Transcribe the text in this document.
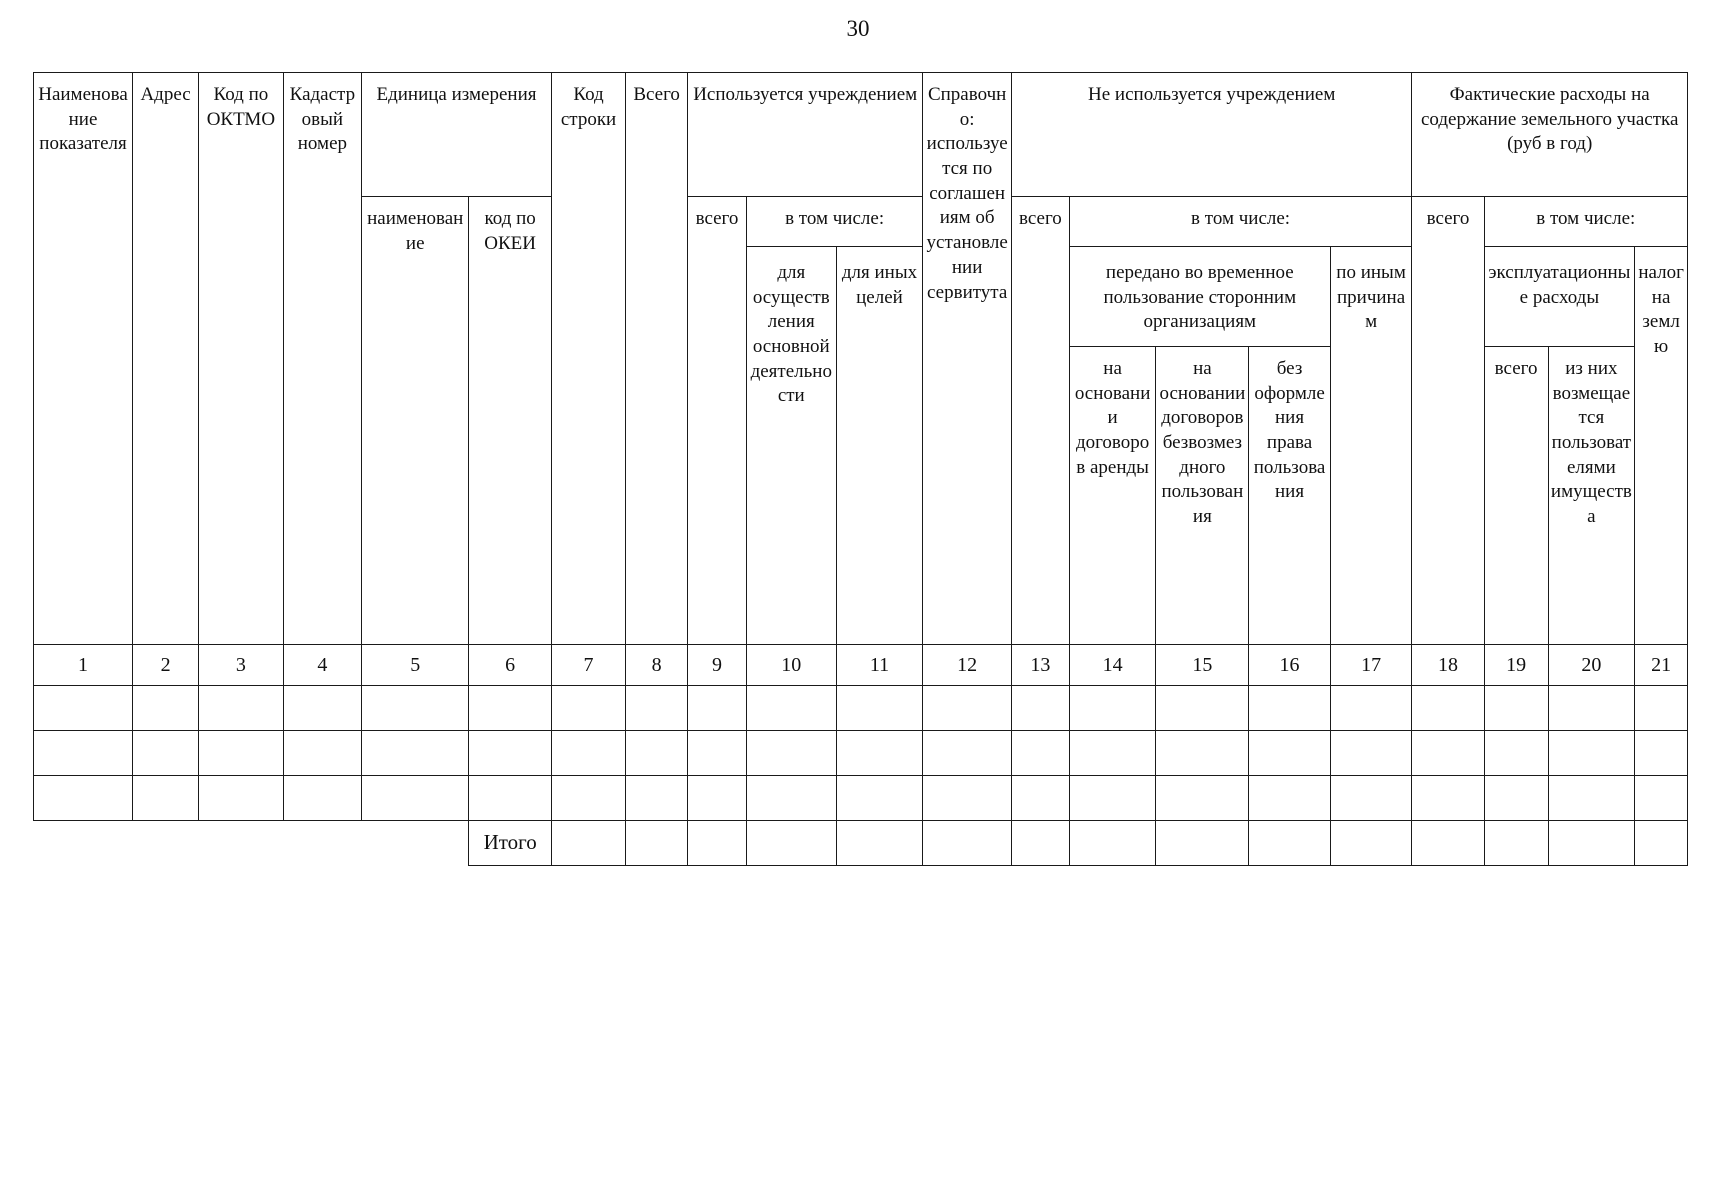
30
Наименование показателя	Адрес	Код по ОКТМО	Кадастровый номер	Единица измерения		Код строки	Всего	Используется учреждением			Справочно: используется по соглашениям об установлении сервитута	Не используется учреждением					Фактические расходы на содержание земельного участка (руб в год)			
				наименование	код по ОКЕИ			всего	в том числе:			всего	в том числе:				всего	в том числе:		
									для осуществления основной деятельности	для иных целей			передано во временное пользование сторонним организациям			по иным причинам		эксплуатационные расходы		налог на землю
													на основании договоров аренды	на основании договоров безвозмездного пользования	без оформления права пользования			всего	из них возмещается пользователями имущества	
1	2	3	4	5	6	7	8	9	10	11	12	13	14	15	16	17	18	19	20	21

					Итого															
